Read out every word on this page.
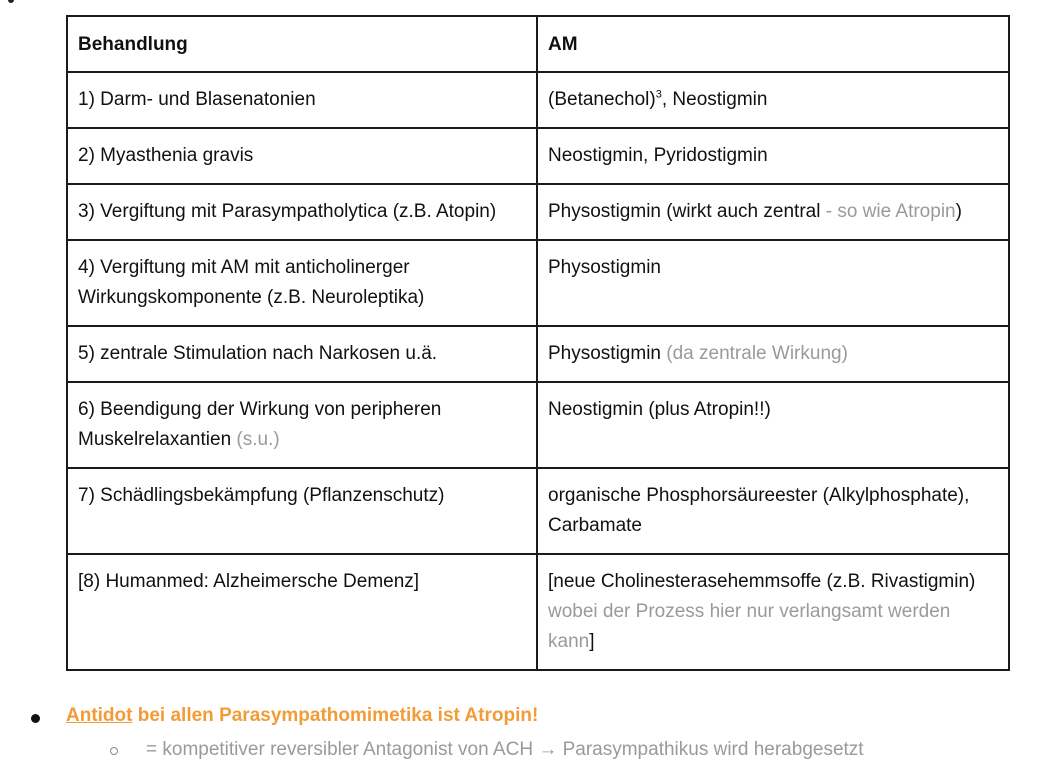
Behandlung	AM
1) Darm- und Blasenatonien	(Betanechol)$^3$, Neostigmin
2) Myasthenia gravis	Neostigmin, Pyridostigmin
3) Vergiftung mit Parasympatholytica (z.B. Atopin)	Physostigmin (wirkt auch zentral - so wie Atropin)
4) Vergiftung mit AM mit anticholinerger Wirkungskomponente (z.B. Neuroleptika)	Physostigmin
5) zentrale Stimulation nach Narkosen u.ä.	Physostigmin (da zentrale Wirkung)
6) Beendigung der Wirkung von peripheren Muskelrelaxantien (s.u.)	Neostigmin (plus Atropin!!)
7) Schädlingsbekämpfung (Pflanzenschutz)	organische Phosphorsäureester (Alkylphosphate), Carbamate
[8) Humanmed: Alzheimersche Demenz]	[neue Cholinesterasehemmsoffe (z.B. Rivastigmin) wobei der Prozess hier nur verlangsamt werden kann]
Antidot bei allen Parasympathomimetika ist Atropin!
= kompetitiver reversibler Antagonist von ACH → Parasympathikus wird herabgesetzt
